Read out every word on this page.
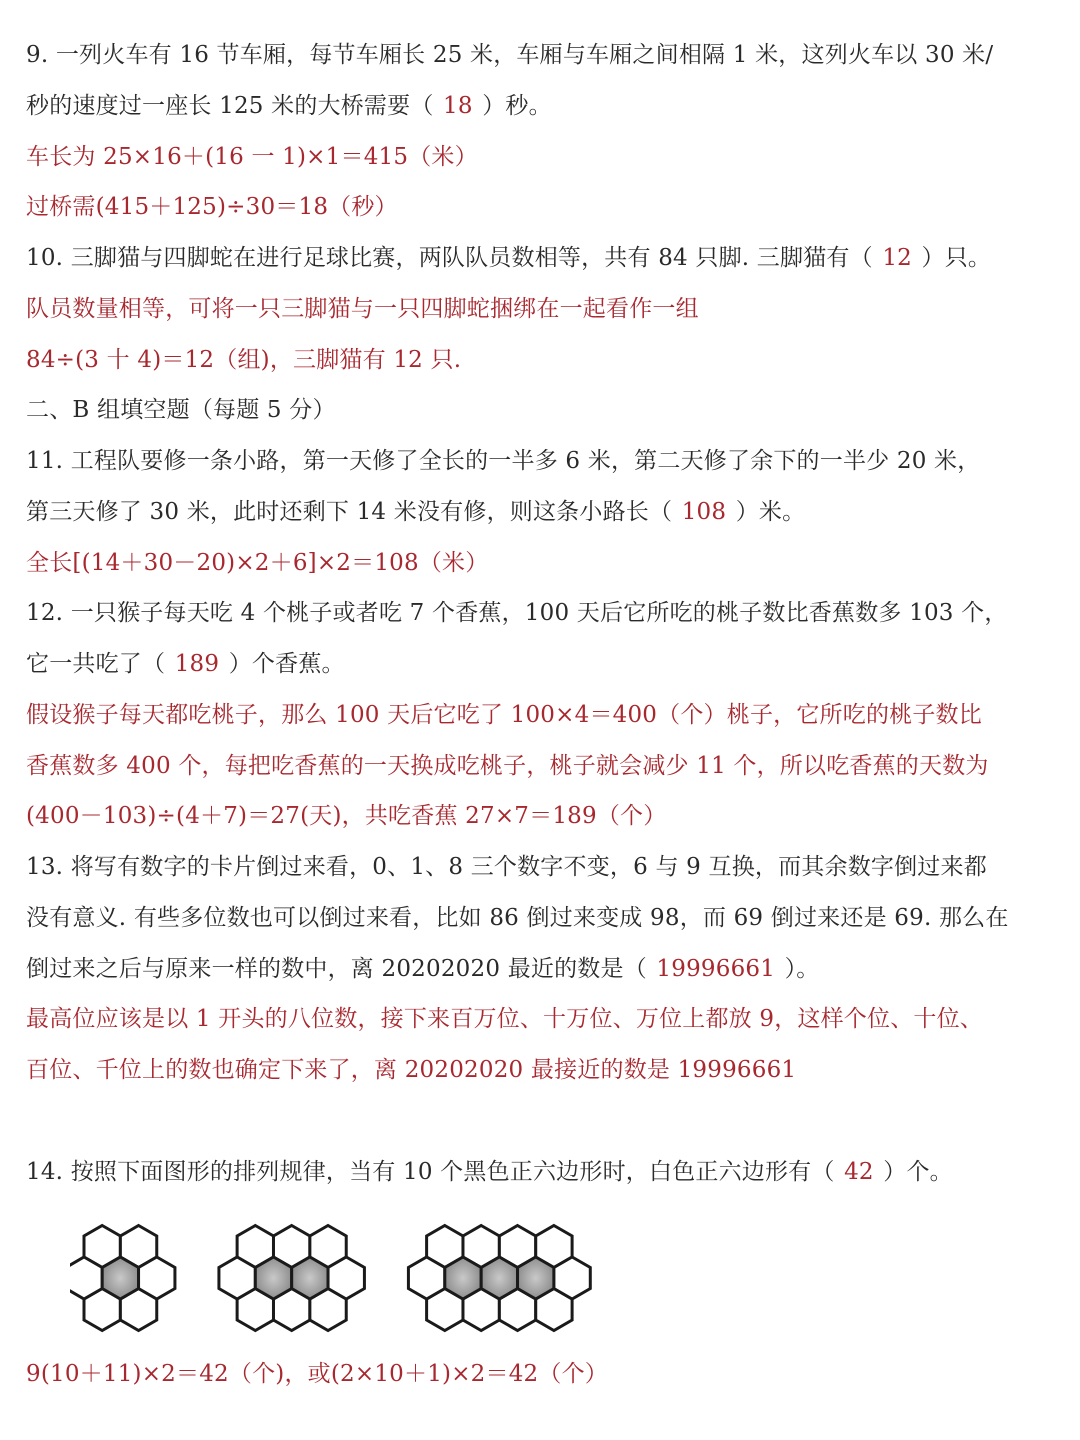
9. 一列火车有 16 节车厢，每节车厢长 25 米，车厢与车厢之间相隔 1 米，这列火车以 30 米/
秒的速度过一座长 125 米的大桥需要（ 18 ）秒。
车长为 25×16＋(16 一 1)×1＝415（米）
过桥需(415＋125)÷30＝18（秒）
10. 三脚猫与四脚蛇在进行足球比赛，两队队员数相等，共有 84 只脚. 三脚猫有（ 12 ）只。
队员数量相等，可将一只三脚猫与一只四脚蛇捆绑在一起看作一组
84÷(3 十 4)＝12（组)，三脚猫有 12 只.
二、B 组填空题（每题 5 分）
11. 工程队要修一条小路，第一天修了全长的一半多 6 米，第二天修了余下的一半少 20 米，
第三天修了 30 米，此时还剩下 14 米没有修，则这条小路长（ 108 ）米。
全长[(14＋30－20)×2＋6]×2＝108（米）
12. 一只猴子每天吃 4 个桃子或者吃 7 个香蕉，100 天后它所吃的桃子数比香蕉数多 103 个，
它一共吃了（ 189 ）个香蕉。
假设猴子每天都吃桃子，那么 100 天后它吃了 100×4＝400（个）桃子，它所吃的桃子数比
香蕉数多 400 个，每把吃香蕉的一天换成吃桃子，桃子就会减少 11 个，所以吃香蕉的天数为
(400－103)÷(4＋7)＝27(天)，共吃香蕉 27×7＝189（个）
13. 将写有数字的卡片倒过来看，0、1、8 三个数字不变，6 与 9 互换，而其余数字倒过来都
没有意义. 有些多位数也可以倒过来看，比如 86 倒过来变成 98，而 69 倒过来还是 69. 那么在
倒过来之后与原来一样的数中，离 20202020 最近的数是（ 19996661 ）。
最高位应该是以 1 开头的八位数，接下来百万位、十万位、万位上都放 9，这样个位、十位、
百位、千位上的数也确定下来了，离 20202020 最接近的数是 19996661
14. 按照下面图形的排列规律，当有 10 个黑色正六边形时，白色正六边形有（ 42 ）个。
9(10＋11)×2＝42（个)，或(2×10＋1)×2＝42（个）
